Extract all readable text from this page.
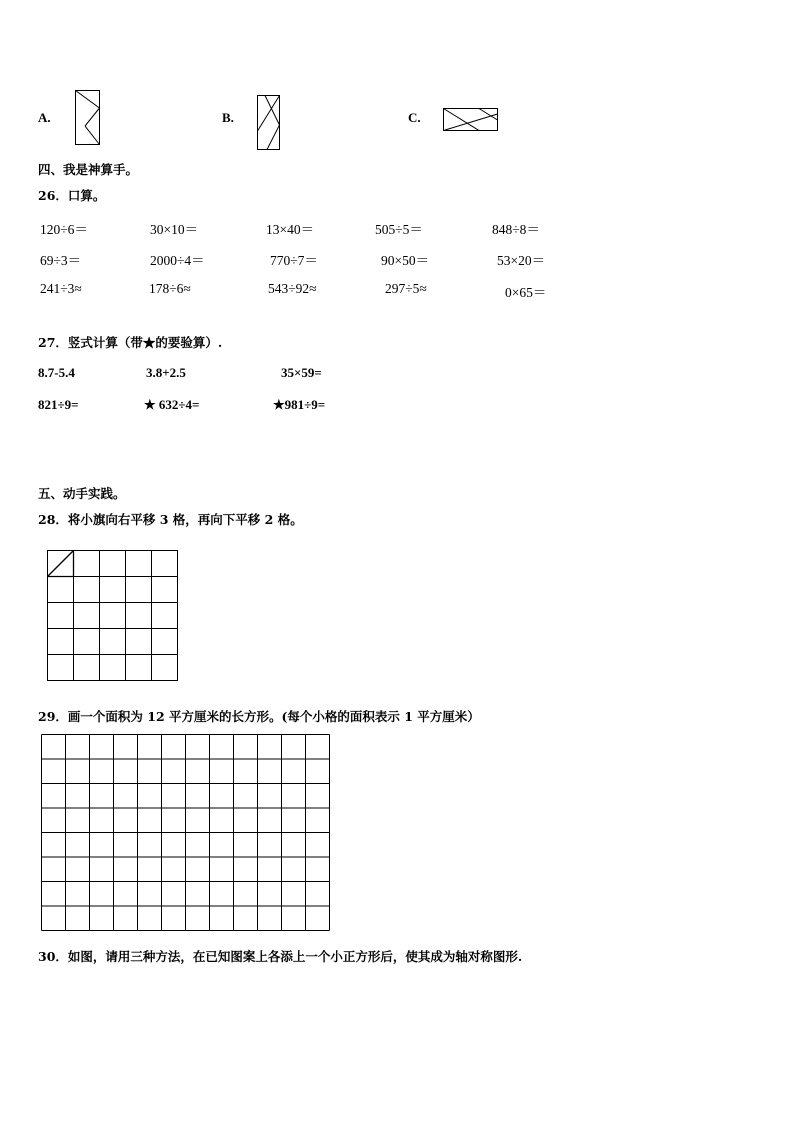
A.	B.	C.
四、我是神算手。
26．口算。
120÷6＝	30×10＝	13×40＝	505÷5＝	848÷8＝
69÷3＝	2000÷4＝	770÷7＝	90×50＝	53×20＝
241÷3≈	178÷6≈	543÷92≈	297÷5≈	0×65＝
27．竖式计算（带★的要验算）.
8.7-5.4	3.8+2.5	35×59=
821÷9=	★ 632÷4=	★981÷9=
五、动手实践。
28．将小旗向右平移 3 格，再向下平移 2 格。
29．画一个面积为 12 平方厘米的长方形。(每个小格的面积表示 1 平方厘米）
30．如图，请用三种方法，在已知图案上各添上一个小正方形后，使其成为轴对称图形.
